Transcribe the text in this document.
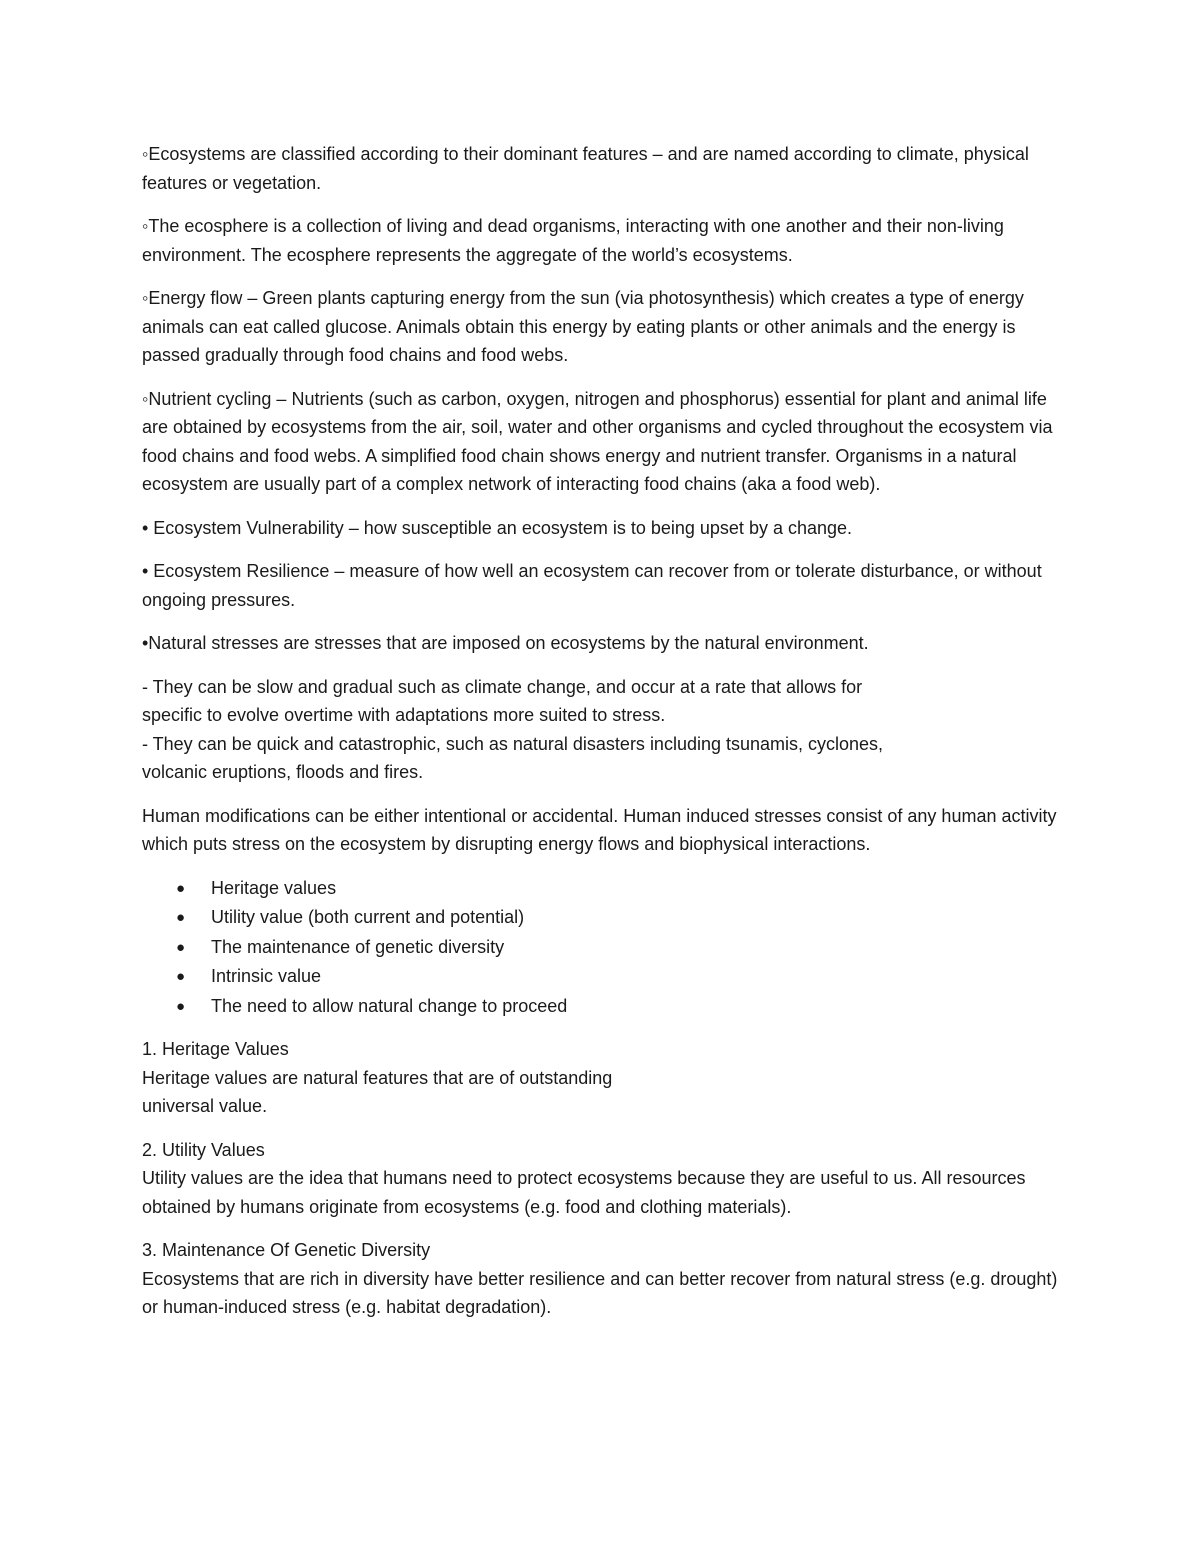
◦Ecosystems are classified according to their dominant features – and are named according to climate, physical features or vegetation.

◦The ecosphere is a collection of living and dead organisms, interacting with one another and their non-living environment. The ecosphere represents the aggregate of the world’s ecosystems.

◦Energy flow – Green plants capturing energy from the sun (via photosynthesis) which creates a type of energy animals can eat called glucose. Animals obtain this energy by eating plants or other animals and the energy is passed gradually through food chains and food webs.

◦Nutrient cycling – Nutrients (such as carbon, oxygen, nitrogen and phosphorus) essential for plant and animal life are obtained by ecosystems from the air, soil, water and other organisms and cycled throughout the ecosystem via food chains and food webs. A simplified food chain shows energy and nutrient transfer. Organisms in a natural ecosystem are usually part of a complex network of interacting food chains (aka a food web).

• Ecosystem Vulnerability – how susceptible an ecosystem is to being upset by a change.

• Ecosystem Resilience – measure of how well an ecosystem can recover from or tolerate disturbance, or without ongoing pressures.

•Natural stresses are stresses that are imposed on ecosystems by the natural environment.

- They can be slow and gradual such as climate change, and occur at a rate that allows for
specific to evolve overtime with adaptations more suited to stress.
- They can be quick and catastrophic, such as natural disasters including tsunamis, cyclones,
volcanic eruptions, floods and fires.

Human modifications can be either intentional or accidental. Human induced stresses consist of any human activity which puts stress on the ecosystem by disrupting energy flows and biophysical interactions.

● Heritage values
● Utility value (both current and potential)
● The maintenance of genetic diversity
● Intrinsic value
● The need to allow natural change to proceed

1. Heritage Values
Heritage values are natural features that are of outstanding
universal value.

2. Utility Values
Utility values are the idea that humans need to protect ecosystems because they are useful to us. All resources obtained by humans originate from ecosystems (e.g. food and clothing materials).

3. Maintenance Of Genetic Diversity
Ecosystems that are rich in diversity have better resilience and can better recover from natural stress (e.g. drought) or human-induced stress (e.g. habitat degradation).
